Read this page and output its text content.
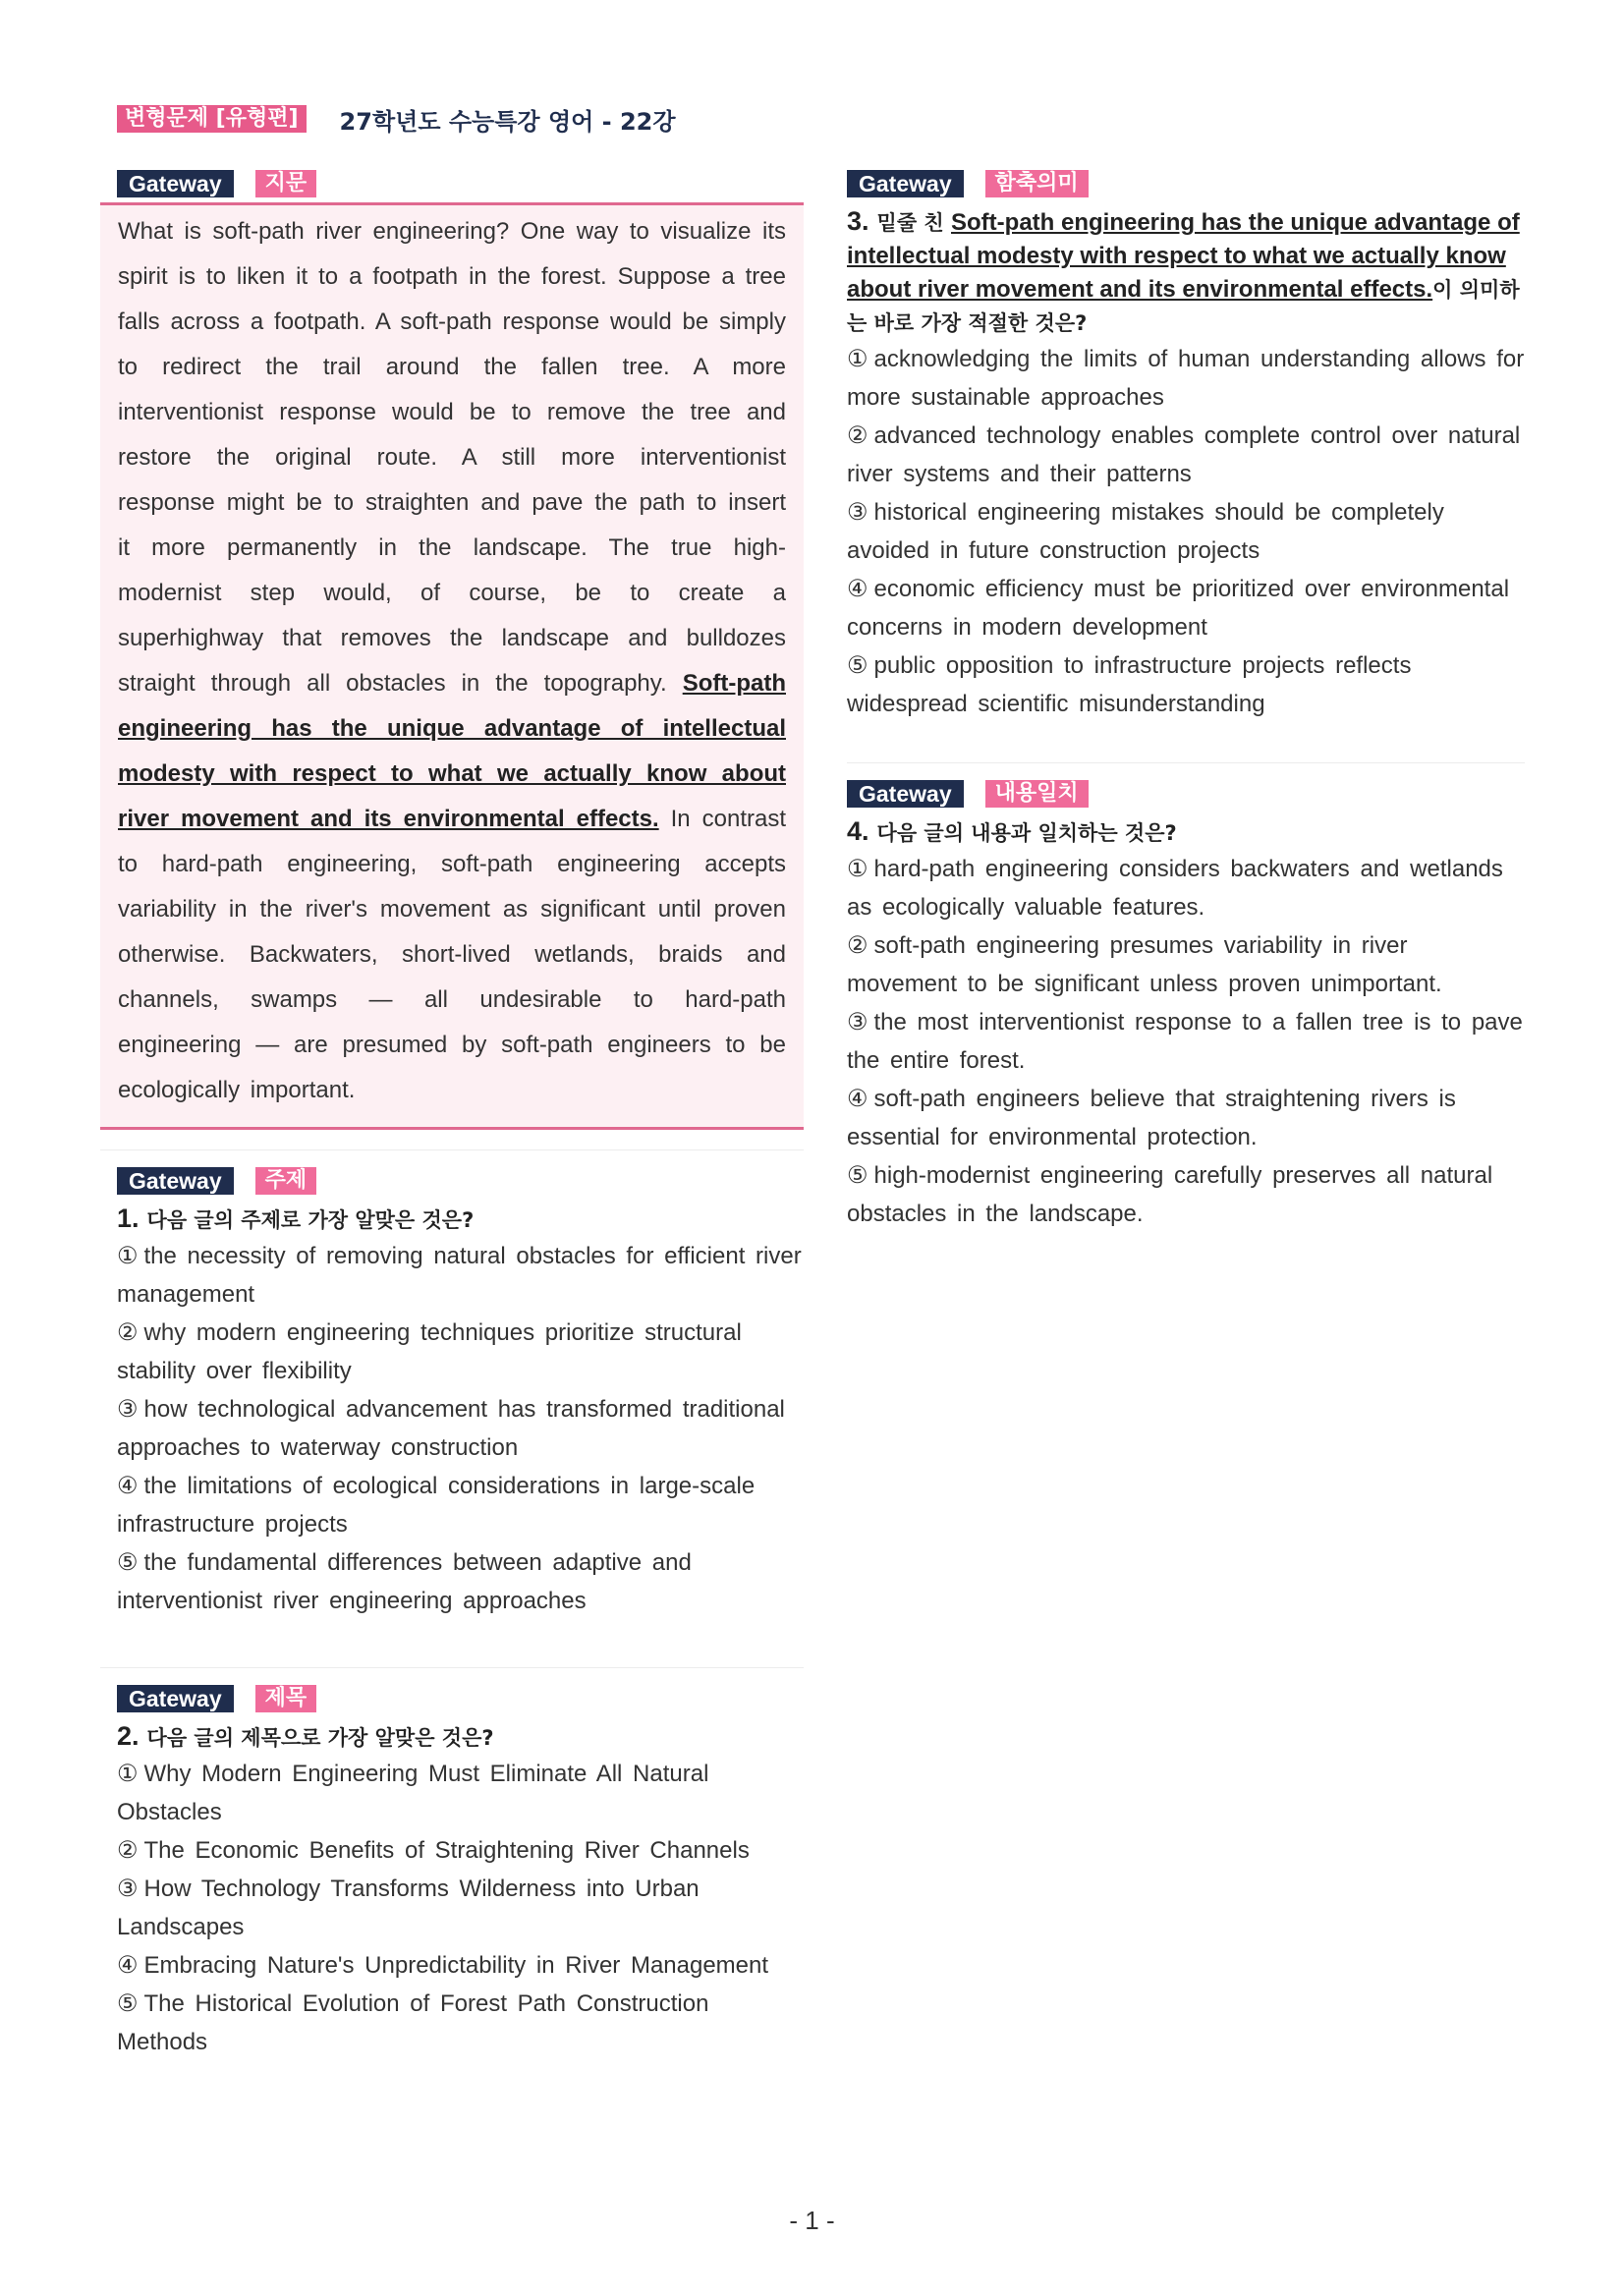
변형문제 [유형편]	27학년도 수능특강 영어 - 22강
Gateway	지문
What is soft-path river engineering? One way to visualize its spirit is to liken it to a footpath in the forest. Suppose a tree falls across a footpath. A soft-path response would be simply to redirect the trail around the fallen tree. A more interventionist response would be to remove the tree and restore the original route. A still more interventionist response might be to straighten and pave the path to insert it more permanently in the landscape. The true high-modernist step would, of course, be to create a superhighway that removes the landscape and bulldozes straight through all obstacles in the topography. Soft-path engineering has the unique advantage of intellectual modesty with respect to what we actually know about river movement and its environmental effects. In contrast to hard-path engineering, soft-path engineering accepts variability in the river's movement as significant until proven otherwise. Backwaters, short-lived wetlands, braids and channels, swamps — all undesirable to hard-path engineering — are presumed by soft-path engineers to be ecologically important.
Gateway	주제
1. 다음 글의 주제로 가장 알맞은 것은?
① the necessity of removing natural obstacles for efficient river management
② why modern engineering techniques prioritize structural stability over flexibility
③ how technological advancement has transformed traditional approaches to waterway construction
④ the limitations of ecological considerations in large-scale infrastructure projects
⑤ the fundamental differences between adaptive and interventionist river engineering approaches
Gateway	제목
2. 다음 글의 제목으로 가장 알맞은 것은?
① Why Modern Engineering Must Eliminate All Natural Obstacles
② The Economic Benefits of Straightening River Channels
③ How Technology Transforms Wilderness into Urban Landscapes
④ Embracing Nature's Unpredictability in River Management
⑤ The Historical Evolution of Forest Path Construction Methods
Gateway	함축의미
3. 밑줄 친 Soft-path engineering has the unique advantage of intellectual modesty with respect to what we actually know about river movement and its environmental effects.이 의미하는 바로 가장 적절한 것은?
① acknowledging the limits of human understanding allows for more sustainable approaches
② advanced technology enables complete control over natural river systems and their patterns
③ historical engineering mistakes should be completely avoided in future construction projects
④ economic efficiency must be prioritized over environmental concerns in modern development
⑤ public opposition to infrastructure projects reflects widespread scientific misunderstanding
Gateway	내용일치
4. 다음 글의 내용과 일치하는 것은?
① hard-path engineering considers backwaters and wetlands as ecologically valuable features.
② soft-path engineering presumes variability in river movement to be significant unless proven unimportant.
③ the most interventionist response to a fallen tree is to pave the entire forest.
④ soft-path engineers believe that straightening rivers is essential for environmental protection.
⑤ high-modernist engineering carefully preserves all natural obstacles in the landscape.
- 1 -
